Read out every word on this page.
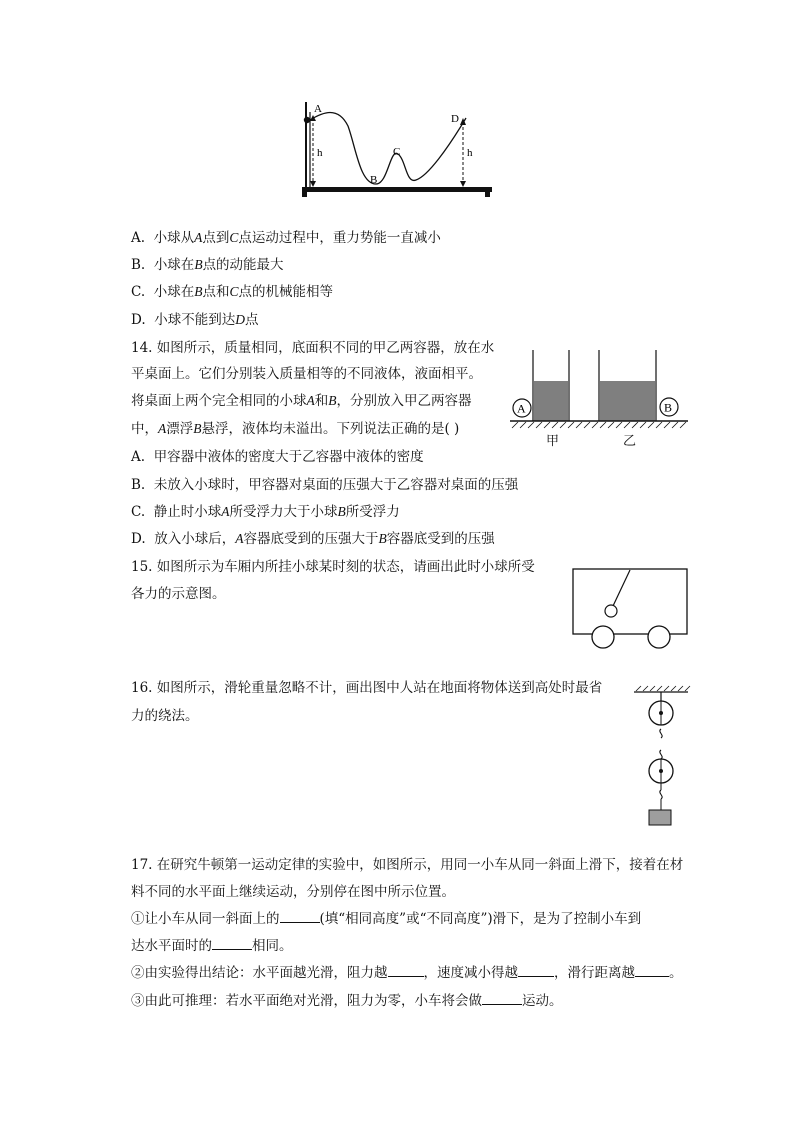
A
B
C
D
h	h
A. 小球从A点到C点运动过程中，重力势能一直减小
B. 小球在B点的动能最大
C. 小球在B点和C点的机械能相等
D. 小球不能到达D点
14. 如图所示，质量相同，底面积不同的甲乙两容器，放在水
平桌面上。它们分别装入质量相等的不同液体，液面相平。
将桌面上两个完全相同的小球A和B，分别放入甲乙两容器
中，A漂浮B悬浮，液体均未溢出。下列说法正确的是( )
A. 甲容器中液体的密度大于乙容器中液体的密度
B. 未放入小球时，甲容器对桌面的压强大于乙容器对桌面的压强
C. 静止时小球A所受浮力大于小球B所受浮力
D. 放入小球后，A容器底受到的压强大于B容器底受到的压强
A	B
甲	乙
15. 如图所示为车厢内所挂小球某时刻的状态，请画出此时小球所受
各力的示意图。
16. 如图所示，滑轮重量忽略不计，画出图中人站在地面将物体送到高处时最省
力的绕法。
17. 在研究牛顿第一运动定律的实验中，如图所示，用同一小车从同一斜面上滑下，接着在材
料不同的水平面上继续运动，分别停在图中所示位置。
①让小车从同一斜面上的	(填“相同高度”或“不同高度”)滑下，是为了控制小车到
达水平面时的	相同。
②由实验得出结论：水平面越光滑，阻力越	，速度减小得越	，滑行距离越	。
③由此可推理：若水平面绝对光滑，阻力为零，小车将会做	运动。
